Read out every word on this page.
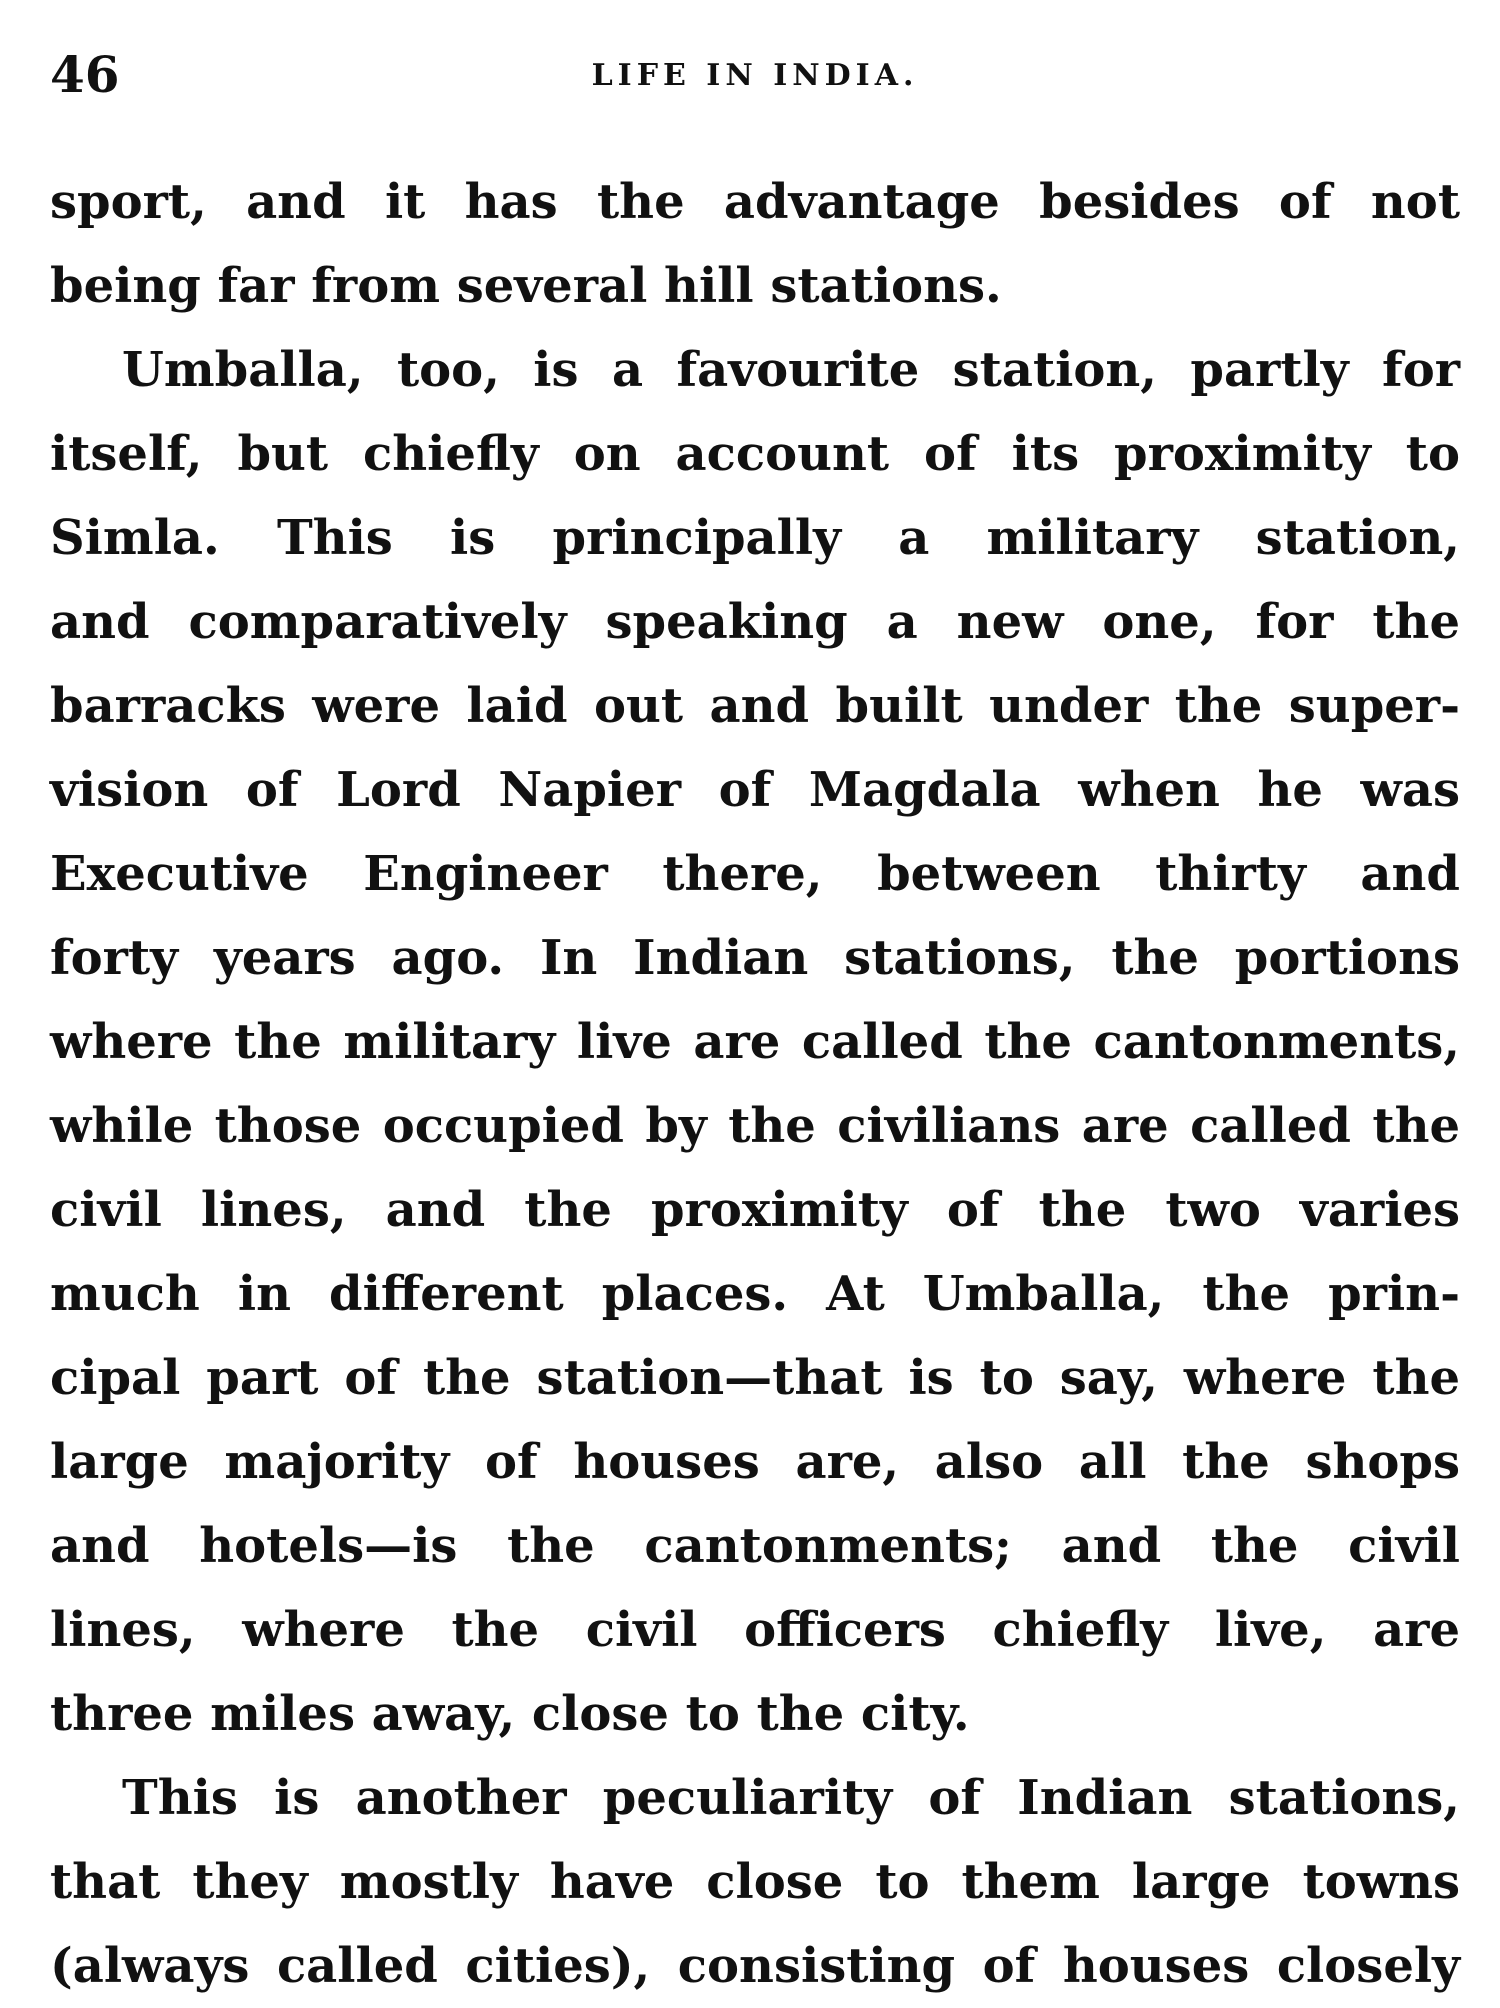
46	LIFE IN INDIA.
sport, and it has the advantage besides of not
being far from several hill stations.
Umballa, too, is a favourite station, partly for
itself, but chiefly on account of its proximity to
Simla. This is principally a military station,
and comparatively speaking a new one, for the
barracks were laid out and built under the super-
vision of Lord Napier of Magdala when he was
Executive Engineer there, between thirty and
forty years ago. In Indian stations, the portions
where the military live are called the cantonments,
while those occupied by the civilians are called the
civil lines, and the proximity of the two varies
much in different places. At Umballa, the prin-
cipal part of the station—that is to say, where the
large majority of houses are, also all the shops
and hotels—is the cantonments; and the civil
lines, where the civil officers chiefly live, are
three miles away, close to the city.
This is another peculiarity of Indian stations,
that they mostly have close to them large towns
(always called cities), consisting of houses closely
